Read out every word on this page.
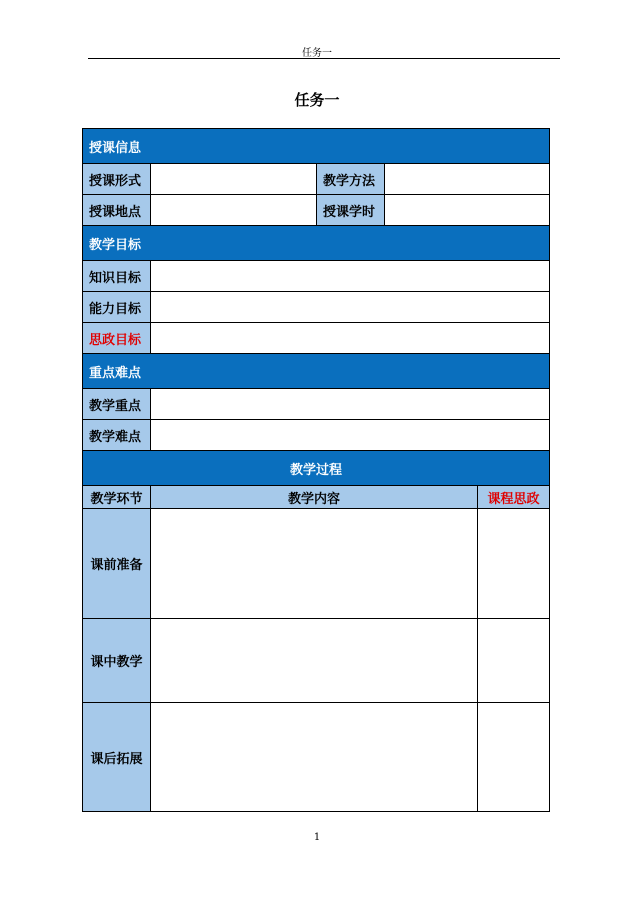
任务一
任务一
授课信息				
授课形式		教学方法		
授课地点		授课学时		
教学目标				
知识目标				
能力目标				
思政目标				
重点难点				
教学重点				
教学难点				
教学过程				
教学环节	教学内容			课程思政
课前准备				
课中教学				
课后拓展				
1
